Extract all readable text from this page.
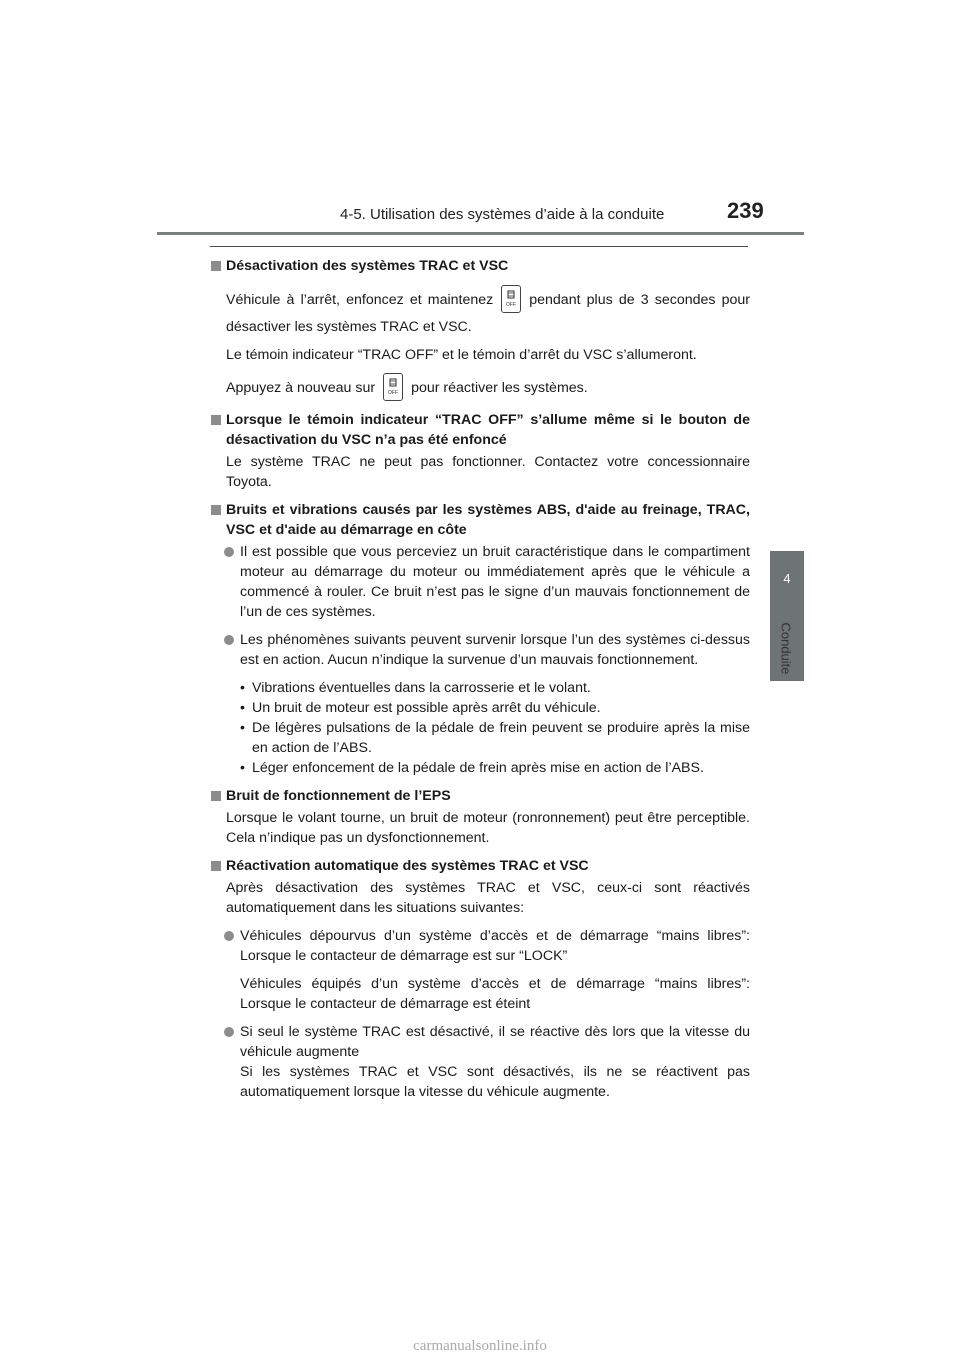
4-5. Utilisation des systèmes d’aide à la conduite	239
4
Conduite
Désactivation des systèmes TRAC et VSC

Véhicule à l’arrêt, enfoncez et maintenez	OFF pendant plus de 3 secondes pour désactiver les systèmes TRAC et VSC.

Le témoin indicateur “TRAC OFF” et le témoin d’arrêt du VSC s’allumeront.

Appuyez à nouveau sur	OFF pour réactiver les systèmes.

Lorsque le témoin indicateur “TRAC OFF” s’allume même si le bouton de désactivation du VSC n’a pas été enfoncé

Le système TRAC ne peut pas fonctionner. Contactez votre concessionnaire Toyota.

Bruits et vibrations causés par les systèmes ABS, d'aide au freinage, TRAC, VSC et d'aide au démarrage en côte
Il est possible que vous perceviez un bruit caractéristique dans le compartiment moteur au démarrage du moteur ou immédiatement après que le véhicule a commencé à rouler. Ce bruit n’est pas le signe d’un mauvais fonctionnement de l’un de ces systèmes.
Les phénomènes suivants peuvent survenir lorsque l’un des systèmes ci-dessus est en action. Aucun n’indique la survenue d’un mauvais fonctionnement.
• Vibrations éventuelles dans la carrosserie et le volant.
• Un bruit de moteur est possible après arrêt du véhicule.
• De légères pulsations de la pédale de frein peuvent se produire après la mise en action de l’ABS.
• Léger enfoncement de la pédale de frein après mise en action de l’ABS.
Bruit de fonctionnement de l’EPS

Lorsque le volant tourne, un bruit de moteur (ronronnement) peut être perceptible. Cela n’indique pas un dysfonctionnement.

Réactivation automatique des systèmes TRAC et VSC

Après désactivation des systèmes TRAC et VSC, ceux-ci sont réactivés automatiquement dans les situations suivantes:

Véhicules dépourvus d’un système d’accès et de démarrage “mains libres”: Lorsque le contacteur de démarrage est sur “LOCK”

Véhicules équipés d’un système d’accès et de démarrage “mains libres”: Lorsque le contacteur de démarrage est éteint

Si seul le système TRAC est désactivé, il se réactive dès lors que la vitesse du véhicule augmente

Si les systèmes TRAC et VSC sont désactivés, ils ne se réactivent pas automatiquement lorsque la vitesse du véhicule augmente.

carmanualsonline.info
